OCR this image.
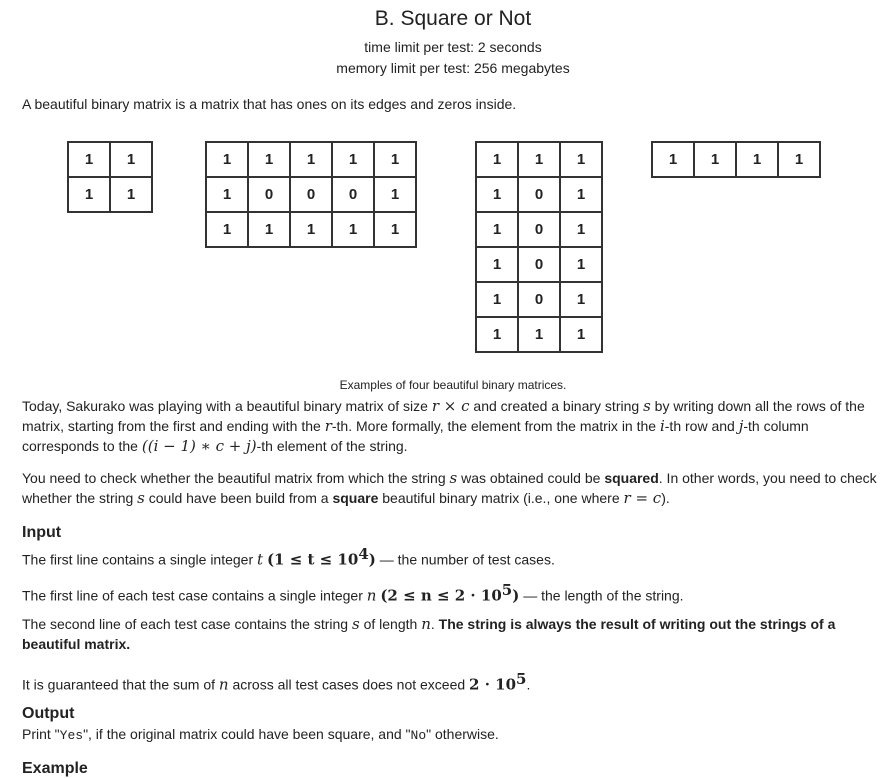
B. Square or Not
time limit per test: 2 seconds
memory limit per test: 256 megabytes
A beautiful binary matrix is a matrix that has ones on its edges and zeros inside.
1	1
1	1
1	1	1	1	1
1	0	0	0	1
1	1	1	1	1
1	1	1
1	0	1
1	0	1
1	0	1
1	0	1
1	1	1
1	1	1	1
Examples of four beautiful binary matrices.
Today, Sakurako was playing with a beautiful binary matrix of size r × c and created a binary string s by writing down all the rows of the matrix, starting from the first and ending with the r-th. More formally, the element from the matrix in the i-th row and j-th column corresponds to the ((i − 1) ∗ c + j)-th element of the string.
You need to check whether the beautiful matrix from which the string s was obtained could be squared. In other words, you need to check whether the string s could have been build from a square beautiful binary matrix (i.e., one where r = c).
Input
The first line contains a single integer t $(1 \le t \le 10^4)$ — the number of test cases.
The first line of each test case contains a single integer n $(2 \le n \le 2 \cdot 10^5)$ — the length of the string.
The second line of each test case contains the string s of length n. The string is always the result of writing out the strings of a beautiful matrix.
It is guaranteed that the sum of n across all test cases does not exceed $2 \cdot 10^5$.
Output
Print "Yes", if the original matrix could have been square, and "No" otherwise.
Example
